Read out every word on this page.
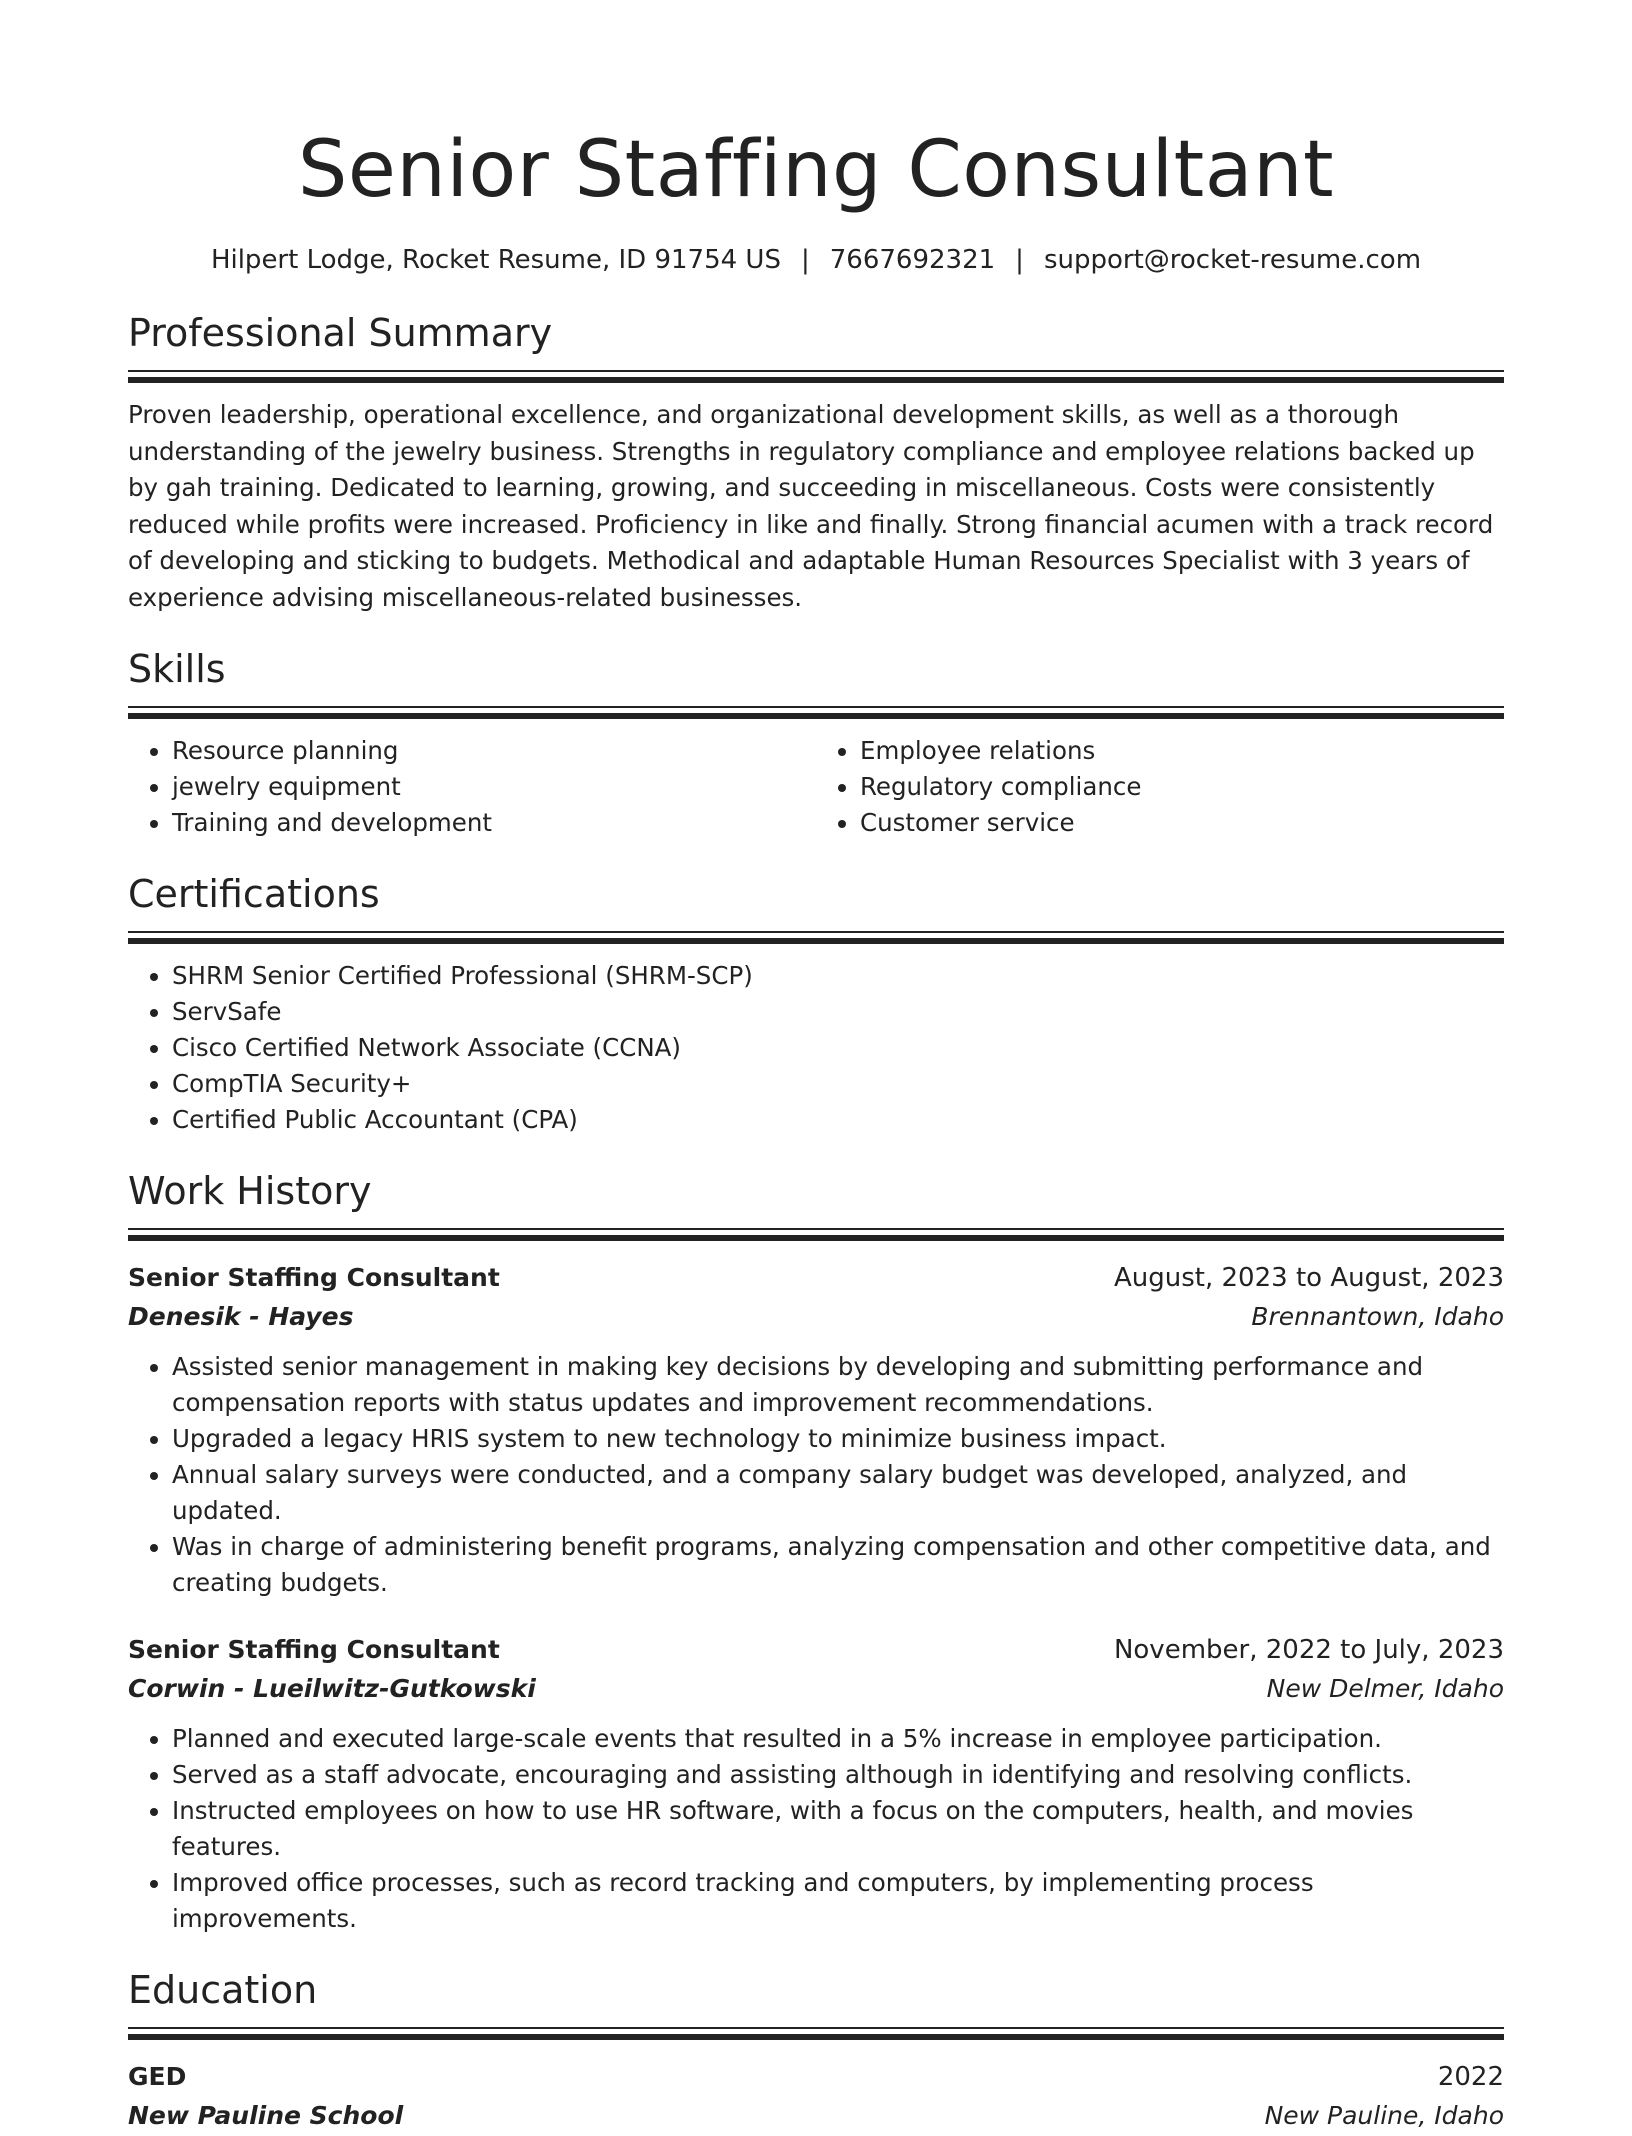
Senior Staffing Consultant
Hilpert Lodge, Rocket Resume, ID 91754 US | 7667692321 | support@rocket-resume.com
Professional Summary
Proven leadership, operational excellence, and organizational development skills, as well as a thorough understanding of the jewelry business. Strengths in regulatory compliance and employee relations backed up by gah training. Dedicated to learning, growing, and succeeding in miscellaneous. Costs were consistently reduced while profits were increased. Proficiency in like and finally. Strong financial acumen with a track record of developing and sticking to budgets. Methodical and adaptable Human Resources Specialist with 3 years of experience advising miscellaneous-related businesses.
Skills
• Resource planning
• jewelry equipment
• Training and development
• Employee relations
• Regulatory compliance
• Customer service
Certifications
• SHRM Senior Certified Professional (SHRM-SCP)
• ServSafe
• Cisco Certified Network Associate (CCNA)
• CompTIA Security+
• Certified Public Accountant (CPA)
Work History
Senior Staffing Consultant	August, 2023 to August, 2023
Denesik - Hayes	Brennantown, Idaho
• Assisted senior management in making key decisions by developing and submitting performance and compensation reports with status updates and improvement recommendations.
• Upgraded a legacy HRIS system to new technology to minimize business impact.
• Annual salary surveys were conducted, and a company salary budget was developed, analyzed, and updated.
• Was in charge of administering benefit programs, analyzing compensation and other competitive data, and creating budgets.
Senior Staffing Consultant	November, 2022 to July, 2023
Corwin - Lueilwitz-Gutkowski	New Delmer, Idaho
• Planned and executed large-scale events that resulted in a 5% increase in employee participation.
• Served as a staff advocate, encouraging and assisting although in identifying and resolving conflicts.
• Instructed employees on how to use HR software, with a focus on the computers, health, and movies features.
• Improved office processes, such as record tracking and computers, by implementing process improvements.
Education
GED	2022
New Pauline School	New Pauline, Idaho
